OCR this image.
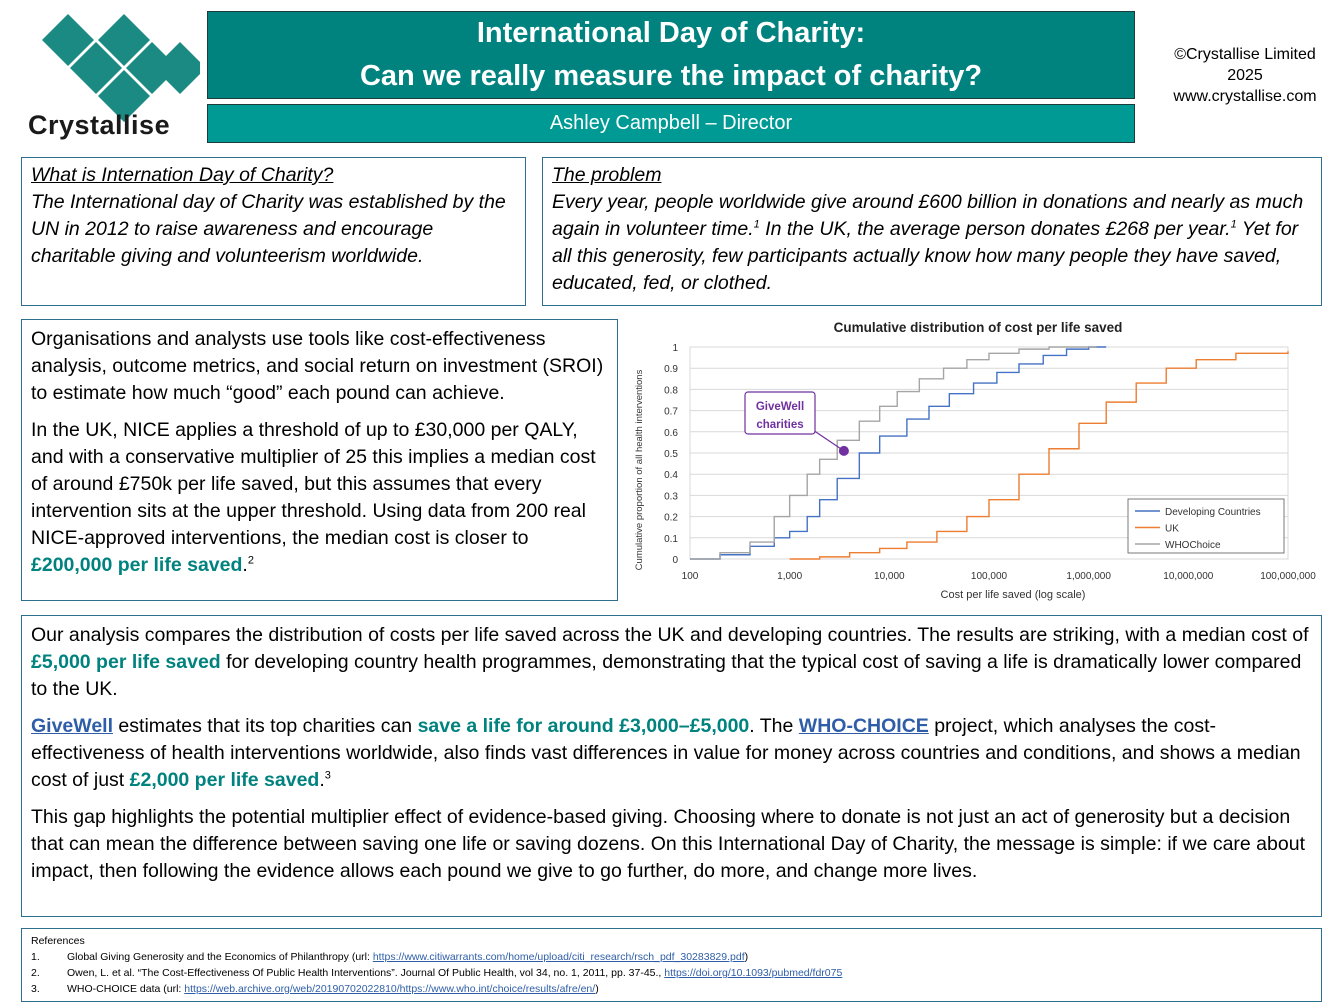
Crystallise
International Day of Charity:
Can we really measure the impact of charity?
Ashley Campbell – Director
©Crystallise Limited
2025
www.crystallise.com

What is Internation Day of Charity?

The International day of Charity was established by the UN in 2012 to raise awareness and encourage charitable giving and volunteerism worldwide.

The problem

Every year, people worldwide give around £600 billion in donations and nearly as much again in volunteer time.$^1$ In the UK, the average person donates £268 per year.$^1$ Yet for all this generosity, few participants actually know how many people they have saved, educated, fed, or clothed.

Organisations and analysts use tools like cost-effectiveness analysis, outcome metrics, and social return on investment (SROI) to estimate how much “good” each pound can achieve.

In the UK, NICE applies a threshold of up to £30,000 per QALY, and with a conservative multiplier of 25 this implies a median cost of around £750k per life saved, but this assumes that every intervention sits at the upper threshold. Using data from 200 real NICE-approved interventions, the median cost is closer to £200,000 per life saved.$^2$

Cumulative distribution of cost per life saved
0
0.1
0.2
0.3
0.4
0.5
0.6
0.7
0.8
0.9
1
100	1,000	10,000	100,000	1,000,000	10,000,000	100,000,000
Cost per life saved (log scale)
Cumulative proportion of all health interventions	GiveWell
charities
Developing Countries
UK
WHOChoice

Our analysis compares the distribution of costs per life saved across the UK and developing countries. The results are striking, with a median cost of £5,000 per life saved for developing country health programmes, demonstrating that the typical cost of saving a life is dramatically lower compared to the UK.

GiveWell estimates that its top charities can save a life for around £3,000–£5,000. The WHO-CHOICE project, which analyses the cost-effectiveness of health interventions worldwide, also finds vast differences in value for money across countries and conditions, and shows a median cost of just £2,000 per life saved.$^3$

This gap highlights the potential multiplier effect of evidence-based giving. Choosing where to donate is not just an act of generosity but a decision that can mean the difference between saving one life or saving dozens. On this International Day of Charity, the message is simple: if we care about impact, then following the evidence allows each pound we give to go further, do more, and change more lives.

References
1.	Global Giving Generosity and the Economics of Philanthropy (url: https://www.citiwarrants.com/home/upload/citi_research/rsch_pdf_30283829.pdf)
2.	Owen, L. et al. “The Cost-Effectiveness Of Public Health Interventions”. Journal Of Public Health, vol 34, no. 1, 2011, pp. 37-45., https://doi.org/10.1093/pubmed/fdr075
3.	WHO-CHOICE data (url: https://web.archive.org/web/20190702022810/https://www.who.int/choice/results/afre/en/)
